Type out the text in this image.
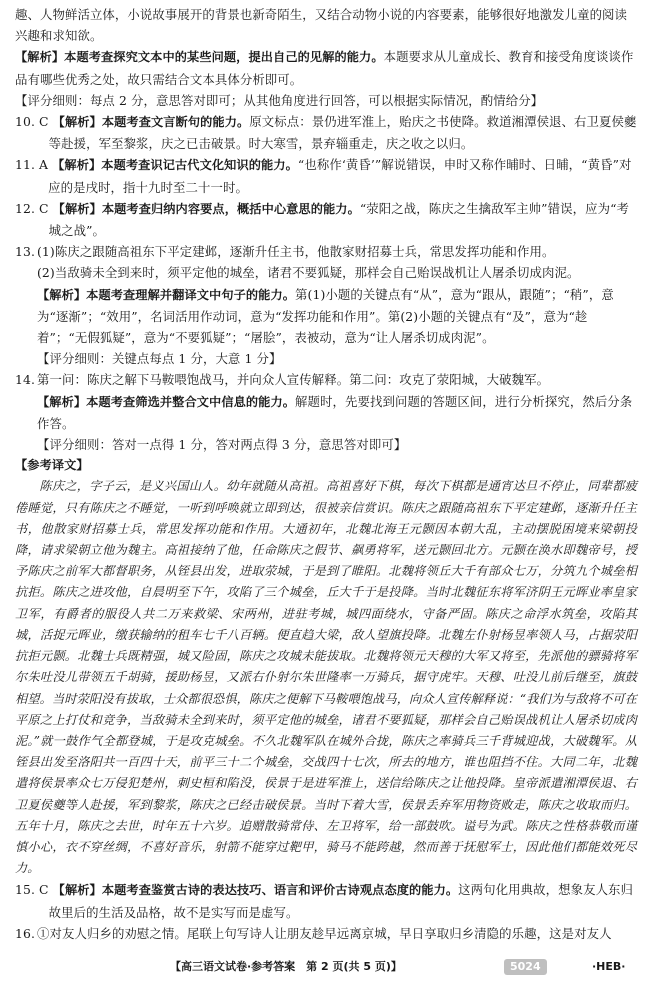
趣、人物鲜活立体，小说故事展开的背景也新奇陌生，又结合动物小说的内容要素，能够很好地激发儿童的阅读兴趣和求知欲。

【解析】本题考查探究文本中的某些问题，提出自己的见解的能力。本题要求从儿童成长、教育和接受角度谈谈作品有哪些优秀之处，故只需结合文本具体分析即可。

【评分细则：每点 2 分，意思答对即可；从其他角度进行回答，可以根据实际情况，酌情给分】

10. C 【解析】本题考查文言断句的能力。原文标点：景仍进军淮上，贻庆之书使降。救道湘潭侯退、右卫夏侯夔等赴援，军至黎浆，庆之已击破景。时大寒雪，景弃辎重走，庆之收之以归。
11. A 【解析】本题考查识记古代文化知识的能力。“也称作‘黄昏’”解说错误，申时又称作晡时、日晡，“黄昏”对应的是戌时，指十九时至二十一时。
12. C 【解析】本题考查归纳内容要点，概括中心意思的能力。“荥阳之战，陈庆之生擒敌军主帅”错误，应为“考城之战”。
13. (1)陈庆之跟随高祖东下平定建邺，逐渐升任主书，他散家财招募士兵，常思发挥功能和作用。
(2)当敌骑未全到来时，须平定他的城垒，诸君不要狐疑，那样会自己贻误战机让人屠杀切成肉泥。
【解析】本题考查理解并翻译文中句子的能力。第(1)小题的关键点有“从”，意为“跟从，跟随”；“稍”，意为“逐渐”；“效用”，名词活用作动词，意为“发挥功能和作用”。第(2)小题的关键点有“及”，意为“趁着”；“无假狐疑”，意为“不要狐疑”；“屠脍”，表被动，意为“让人屠杀切成肉泥”。
【评分细则：关键点每点 1 分，大意 1 分】
14. 第一问：陈庆之解下马鞍喂饱战马，并向众人宣传解释。第二问：攻克了荥阳城，大破魏军。
【解析】本题考查筛选并整合文中信息的能力。解题时，先要找到问题的答题区间，进行分析探究，然后分条作答。
【评分细则：答对一点得 1 分，答对两点得 3 分，意思答对即可】

【参考译文】

陈庆之，字子云，是义兴国山人。幼年就随从高祖。高祖喜好下棋，每次下棋都是通宵达旦不停止，同辈都疲倦睡觉，只有陈庆之不睡觉，一听到呼唤就立即到达，很被亲信赏识。陈庆之跟随高祖东下平定建邺，逐渐升任主书，他散家财招募士兵，常思发挥功能和作用。大通初年，北魏北海王元颢因本朝大乱，主动摆脱困境来梁朝投降，请求梁朝立他为魏主。高祖接纳了他，任命陈庆之假节、飙勇将军，送元颢回北方。元颢在涣水即魏帝号，授予陈庆之前军大都督职务，从铚县出发，进取荥城，于是到了睢阳。北魏将领丘大千有部众七万，分筑九个城垒相抗拒。陈庆之进攻他，自晨明至下午，攻陷了三个城垒，丘大千于是投降。当时北魏征东将军济阴王元晖业率皇家卫军，有爵者的服役人共二万来救梁、宋两州，进驻考城，城四面绕水，守备严固。陈庆之命浮水筑垒，攻陷其城，活捉元晖业，缴获输纳的租车七千八百辆。便直趋大梁，敌人望旗投降。北魏左仆射杨昱率领人马，占据荥阳抗拒元颢。北魏士兵既精强，城又险固，陈庆之攻城未能拔取。北魏将领元天穆的大军又将至，先派他的骠骑将军尔朱吐没儿带领五千胡骑，援助杨昱，又派右仆射尔朱世隆率一万骑兵，据守虎牢。天穆、吐没儿前后继至，旗鼓相望。当时荥阳没有拔取，士众都很恐惧，陈庆之便解下马鞍喂饱战马，向众人宣传解释说：“我们为与敌将不可在平原之上打仗和竞争，当敌骑未全到来时，须平定他的城垒，诸君不要狐疑，那样会自己贻误战机让人屠杀切成肉泥。”就一鼓作气全都登城，于是攻克城垒。不久北魏军队在城外合拢，陈庆之率骑兵三千背城迎战，大破魏军。从铚县出发至洛阳共一百四十天，前平三十二个城垒，交战四十七次，所去的地方，谁也阻挡不住。大同二年，北魏遣将侯景率众七万侵犯楚州，刺史桓和陷没，侯景于是进军淮上，送信给陈庆之让他投降。皇帝派遣湘潭侯退、右卫夏侯夔等人赴援，军到黎浆，陈庆之已经击破侯景。当时下着大雪，侯景丢弃军用物资败走，陈庆之收取而归。五年十月，陈庆之去世，时年五十六岁。追赠散骑常侍、左卫将军，给一部鼓吹。谥号为武。陈庆之性格恭敬而谨慎小心，衣不穿丝绸，不喜好音乐，射箭不能穿过靶甲，骑马不能跨越，然而善于抚慰军士，因此他们都能效死尽力。

15. C 【解析】本题考查鉴赏古诗的表达技巧、语言和评价古诗观点态度的能力。这两句化用典故，想象友人东归故里后的生活及品格，故不是实写而是虚写。
16. ①对友人归乡的劝慰之情。尾联上句写诗人让朋友趁早远离京城，早日享取归乡清隐的乐趣，这是对友人
【高三语文试卷·参考答案　第 2 页(共 5 页)】	5024	·HEB·
